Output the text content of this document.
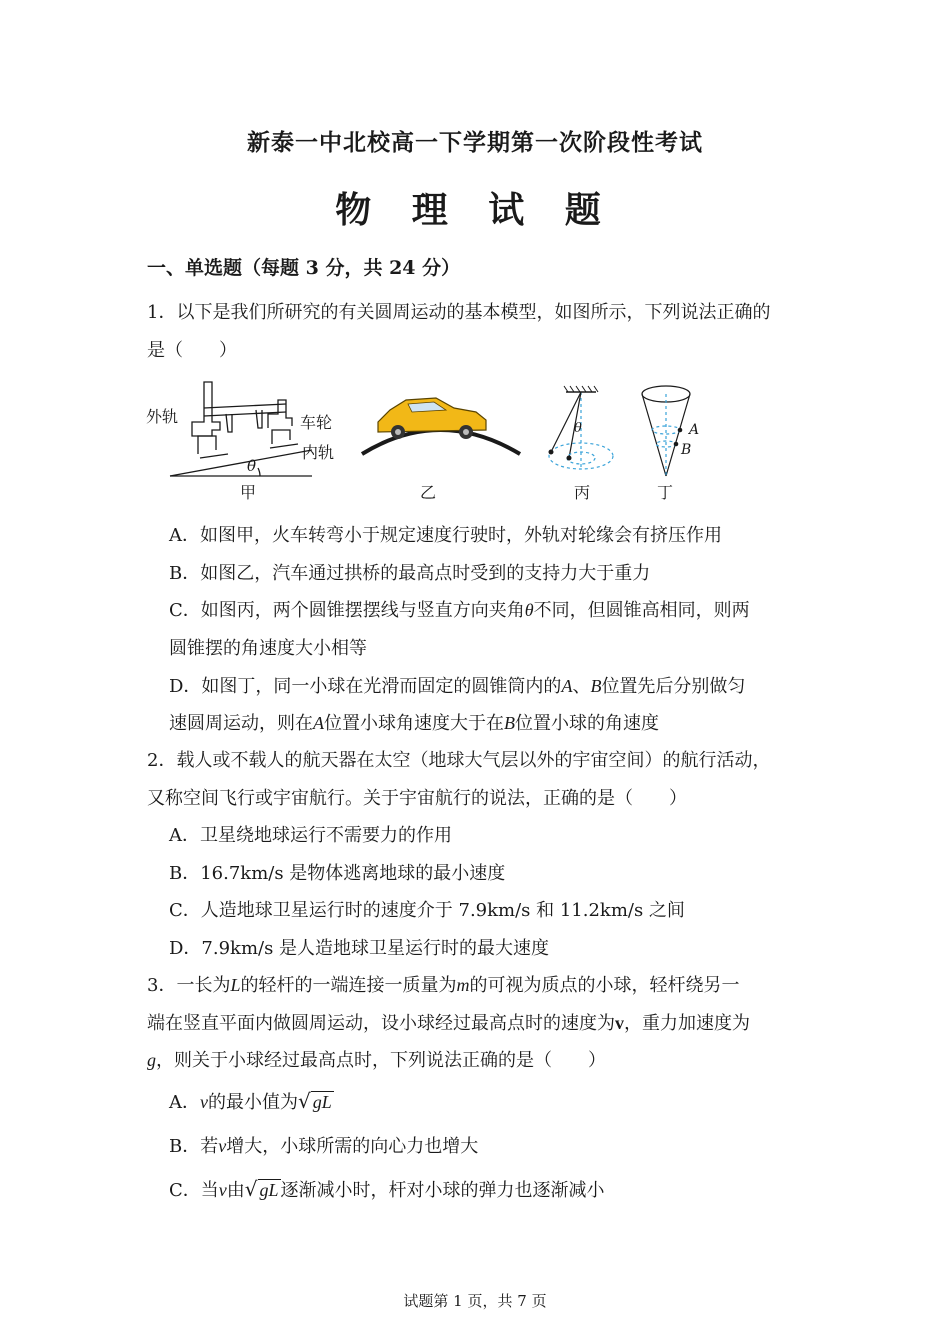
新泰一中北校高一下学期第一次阶段性考试
物 理 试 题
一、单选题（每题 3 分，共 24 分）
1．以下是我们所研究的有关圆周运动的基本模型，如图所示，下列说法正确的
是（　　）
外轨	车轮
内轨
θ
甲	乙
θ
丙
A
B
丁
A．如图甲，火车转弯小于规定速度行驶时，外轨对轮缘会有挤压作用
B．如图乙，汽车通过拱桥的最高点时受到的支持力大于重力
C．如图丙，两个圆锥摆摆线与竖直方向夹角θ不同，但圆锥高相同，则两
圆锥摆的角速度大小相等
D．如图丁，同一小球在光滑而固定的圆锥筒内的A、B位置先后分别做匀
速圆周运动，则在A位置小球角速度大于在B位置小球的角速度
2．载人或不载人的航天器在太空（地球大气层以外的宇宙空间）的航行活动，
又称空间飞行或宇宙航行。关于宇宙航行的说法，正确的是（　　）
A．卫星绕地球运行不需要力的作用
B．16.7km/s 是物体逃离地球的最小速度
C．人造地球卫星运行时的速度介于 7.9km/s 和 11.2km/s 之间
D．7.9km/s 是人造地球卫星运行时的最大速度
3．一长为L的轻杆的一端连接一质量为m的可视为质点的小球，轻杆绕另一
端在竖直平面内做圆周运动，设小球经过最高点时的速度为v，重力加速度为
g，则关于小球经过最高点时，下列说法正确的是（　　）
A．v的最小值为√ gL
B．若v增大，小球所需的向心力也增大
C．当v由√ gL 逐渐减小时，杆对小球的弹力也逐渐减小
试题第 1 页，共 7 页
